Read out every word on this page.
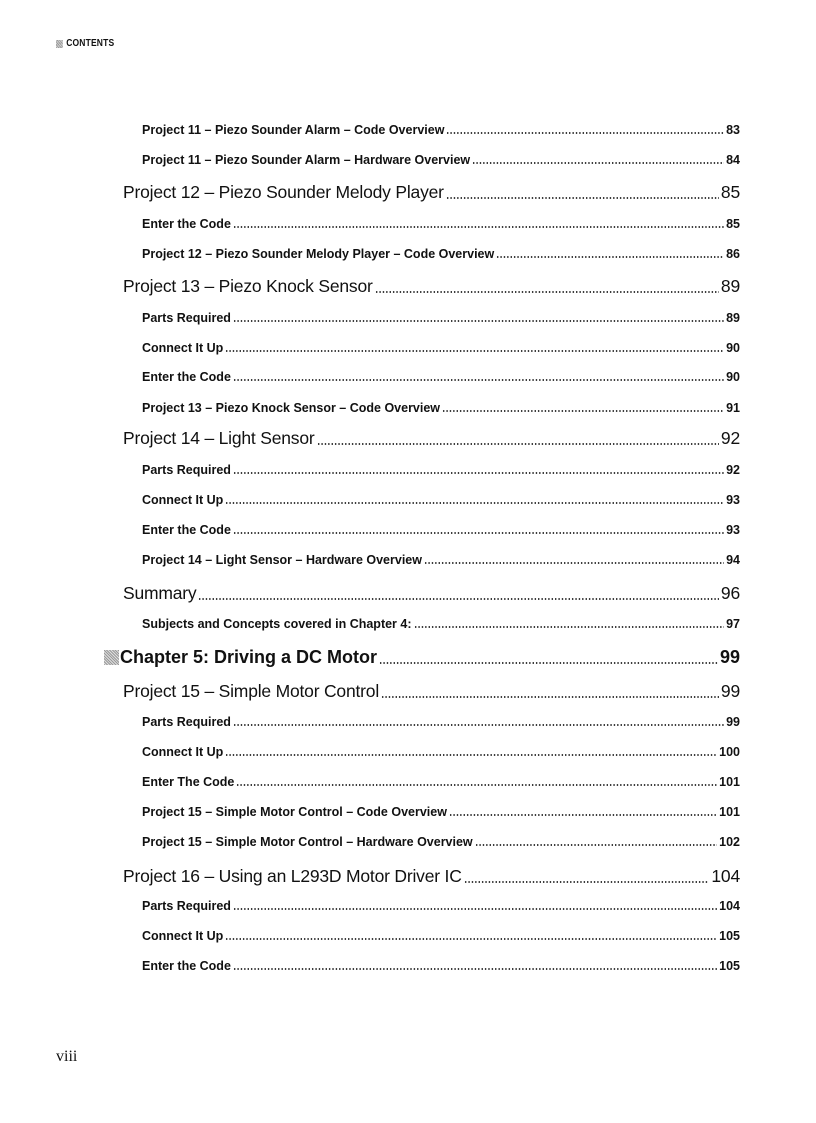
CONTENTS
Project 11 – Piezo Sounder Alarm – Code Overview	83
Project 11 – Piezo Sounder Alarm – Hardware Overview	84
Project 12 – Piezo Sounder Melody Player	85
Enter the Code	85
Project 12 – Piezo Sounder Melody Player – Code Overview	86
Project 13 – Piezo Knock Sensor	89
Parts Required	89
Connect It Up	90
Enter the Code	90
Project 13 – Piezo Knock Sensor – Code Overview	91
Project 14 – Light Sensor	92
Parts Required	92
Connect It Up	93
Enter the Code	93
Project 14 – Light Sensor – Hardware Overview	94
Summary	96
Subjects and Concepts covered in Chapter 4:	97
Chapter 5: Driving a DC Motor	99
Project 15 – Simple Motor Control	99
Parts Required	99
Connect It Up	100
Enter The Code	101
Project 15 – Simple Motor Control – Code Overview	101
Project 15 – Simple Motor Control – Hardware Overview	102
Project 16 – Using an L293D Motor Driver IC	104
Parts Required	104
Connect It Up	105
Enter the Code	105
viii
